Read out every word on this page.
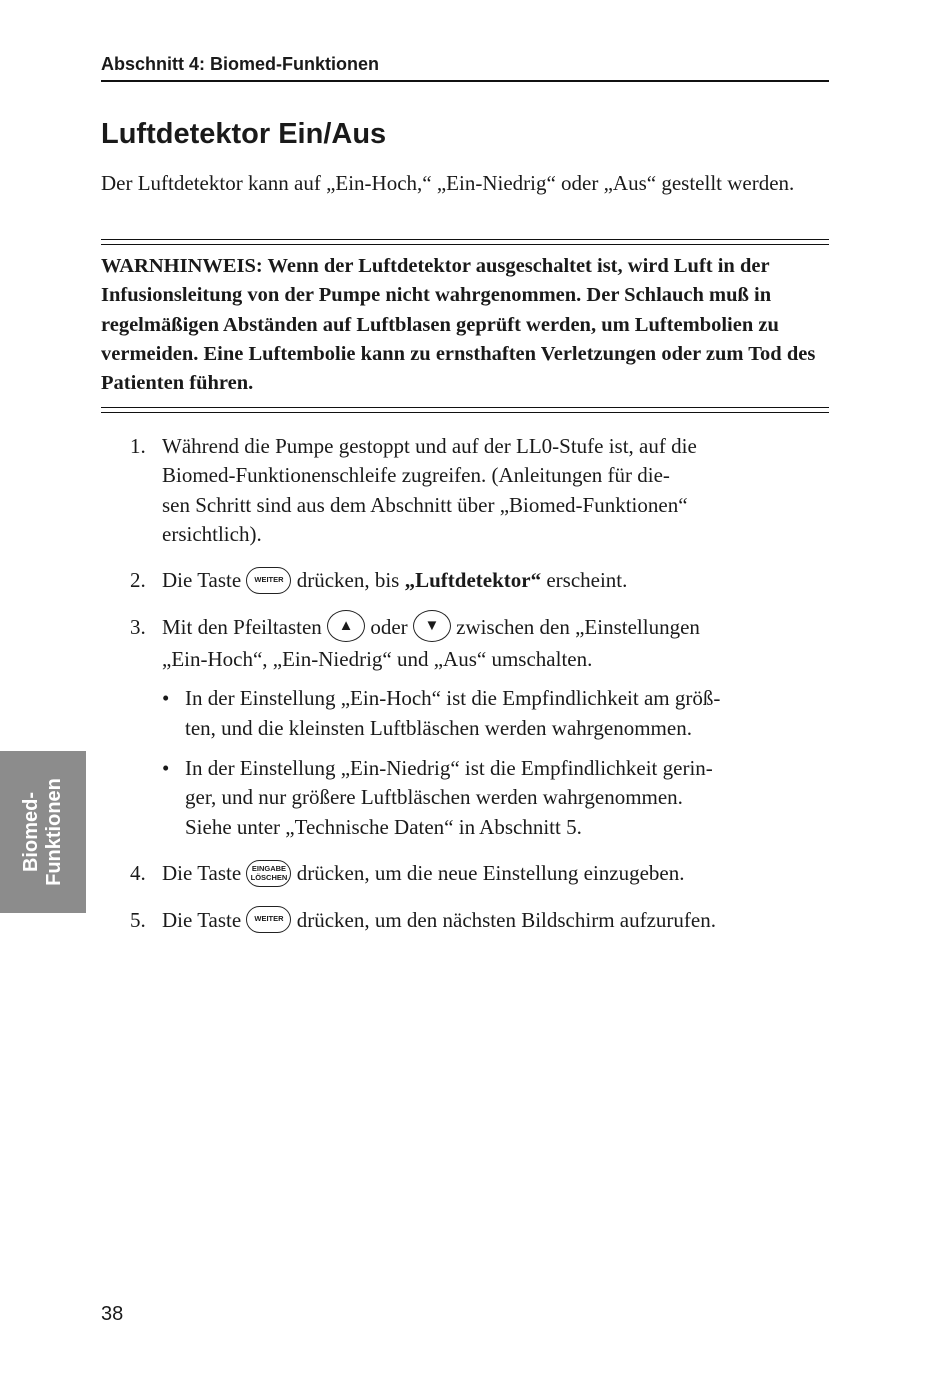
Abschnitt 4: Biomed-Funktionen
Luftdetektor Ein/Aus

Der Luftdetektor kann auf „Ein-Hoch,“ „Ein-Niedrig“ oder „Aus“ gestellt werden.

WARNHINWEIS: Wenn der Luftdetektor ausgeschaltet ist, wird Luft in der Infusionsleitung von der Pumpe nicht wahrgenommen. Der Schlauch muß in regelmäßigen Abständen auf Luftblasen geprüft werden, um Luftembolien zu vermeiden. Eine Luftembolie kann zu ernsthaften Verletzungen oder zum Tod des Patienten führen.
1. Während die Pumpe gestoppt und auf der LL0-Stufe ist, auf die
Biomed-Funktionenschleife zugreifen. (Anleitungen für die-
sen Schritt sind aus dem Abschnitt über „Biomed-Funktionen“
ersichtlich).
2. Die Taste WEITER drücken, bis „Luftdetektor“ erscheint.
3. Mit den Pfeiltasten ▲ oder ▼ zwischen den „Einstellungen
„Ein-Hoch“, „Ein-Niedrig“ und „Aus“ umschalten.
• In der Einstellung „Ein-Hoch“ ist die Empfindlichkeit am größ-
ten, und die kleinsten Luftbläschen werden wahrgenommen.
• In der Einstellung „Ein-Niedrig“ ist die Empfindlichkeit gerin-
ger, und nur größere Luftbläschen werden wahrgenommen.
Siehe unter „Technische Daten“ in Abschnitt 5.
4. Die Taste	EINGABE
LÖSCHEN drücken, um die neue Einstellung einzugeben.
5. Die Taste WEITER drücken, um den nächsten Bildschirm aufzurufen.
Biomed-
Funktionen
38
